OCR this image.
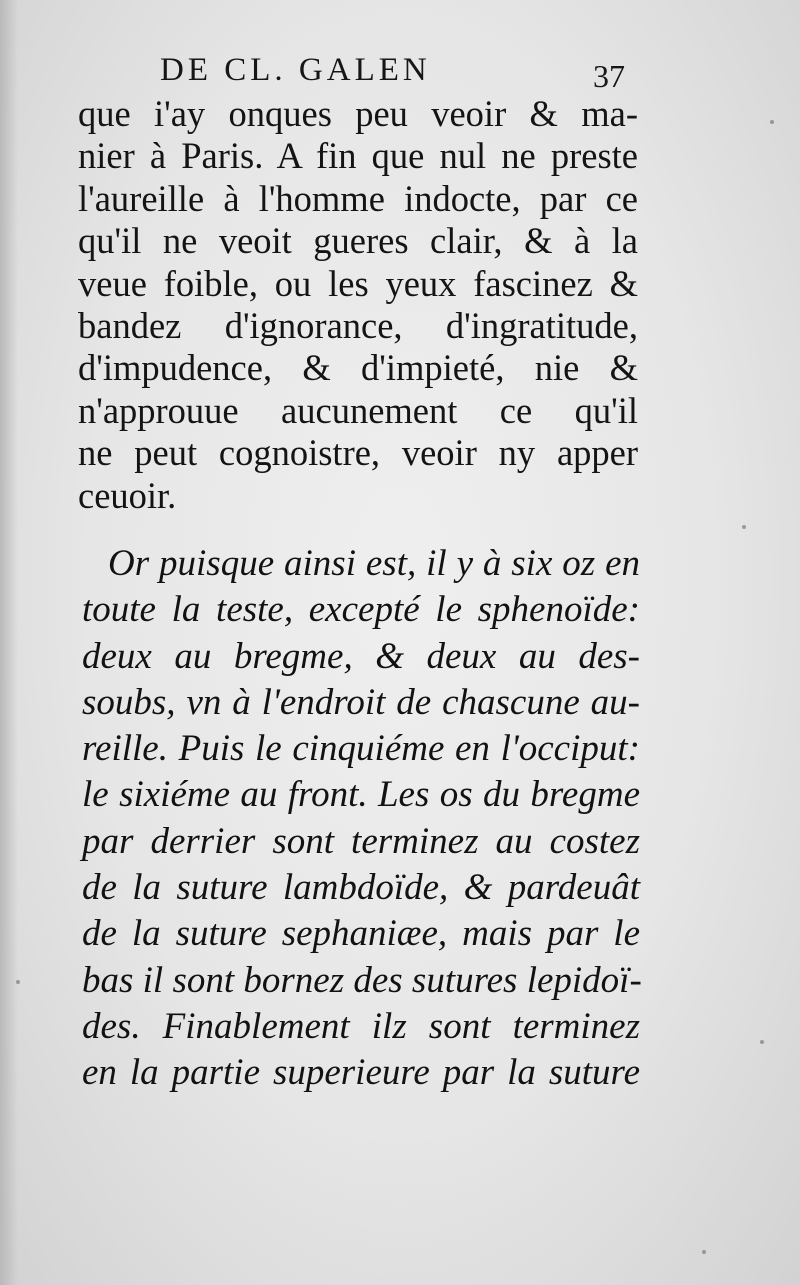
DE CL. GALEN	37
que i'ay onques peu veoir & ma-
nier à Paris. A fin que nul ne preste
l'aureille à l'homme indocte, par ce
qu'il ne veoit gueres clair, & à la
veue foible, ou les yeux fascinez &
bandez d'ignorance, d'ingratitude,
d'impudence, & d'impieté, nie &
n'approuue aucunement ce qu'il
ne peut cognoistre, veoir ny apper
ceuoir.
Or puisque ainsi est, il y à six oz en
toute la teste, excepté le sphenoïde:
deux au bregme, & deux au des-
soubs, vn à l'endroit de chascune au-
reille. Puis le cinquiéme en l'occiput:
le sixiéme au front. Les os du bregme
par derrier sont terminez au costez
de la suture lambdoïde, & pardeuât
de la suture sephaniæe, mais par le
bas il sont bornez des sutures lepidoï-
des. Finablement ilz sont terminez
en la partie superieure par la suture
